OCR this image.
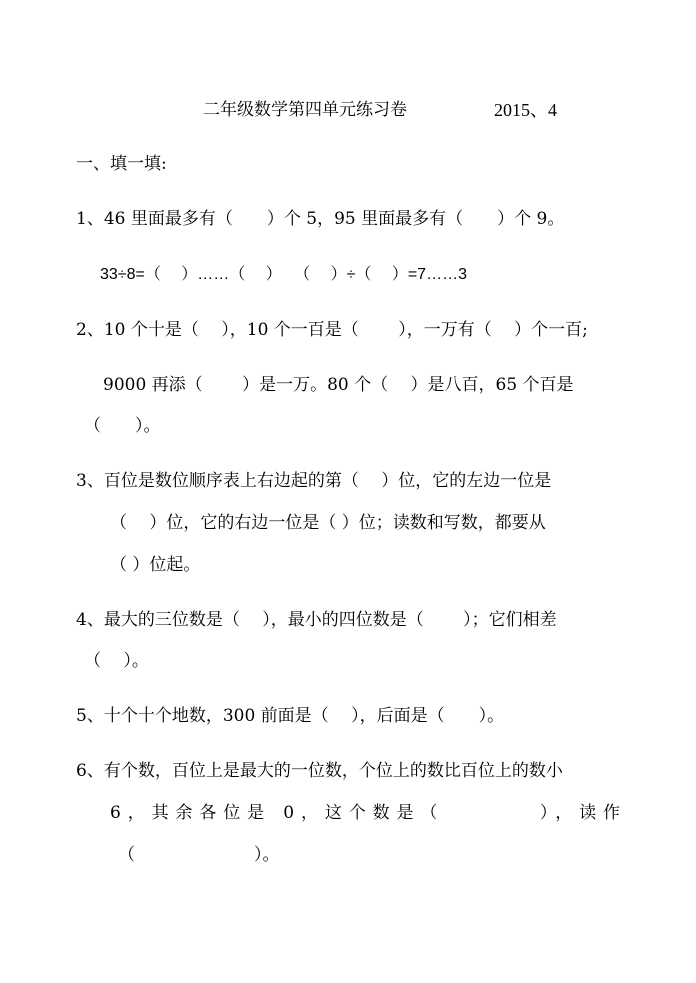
二年级数学第四单元练习卷	2015、4
一、填一填:
1、46 里面最多有（　　）个 5，95 里面最多有（　　）个 9。
33÷8=（　 ）……（　 ）　 （　 ）÷（　 ）=7……3
2、10 个十是（　 ），10 个一百是（　　 ），一万有（　 ）个一百;
9000 再添（　　 ）是一万。80 个（　 ）是八百，65 个百是
（　　）。
3、百位是数位顺序表上右边起的第（　 ）位，它的左边一位是
（　 ）位，它的右边一位是（ ）位；读数和写数，都要从
（ ）位起。
4、最大的三位数是（　 ），最小的四位数是（　　 ）；它们相差
（　 ）。
5、十个十个地数，300 前面是（　 ），后面是（　　）。
6、有个数，百位上是最大的一位数，个位上的数比百位上的数小
6，其余各位是 0，这个数是（　　　　），读作
（　　　　　　　）。
